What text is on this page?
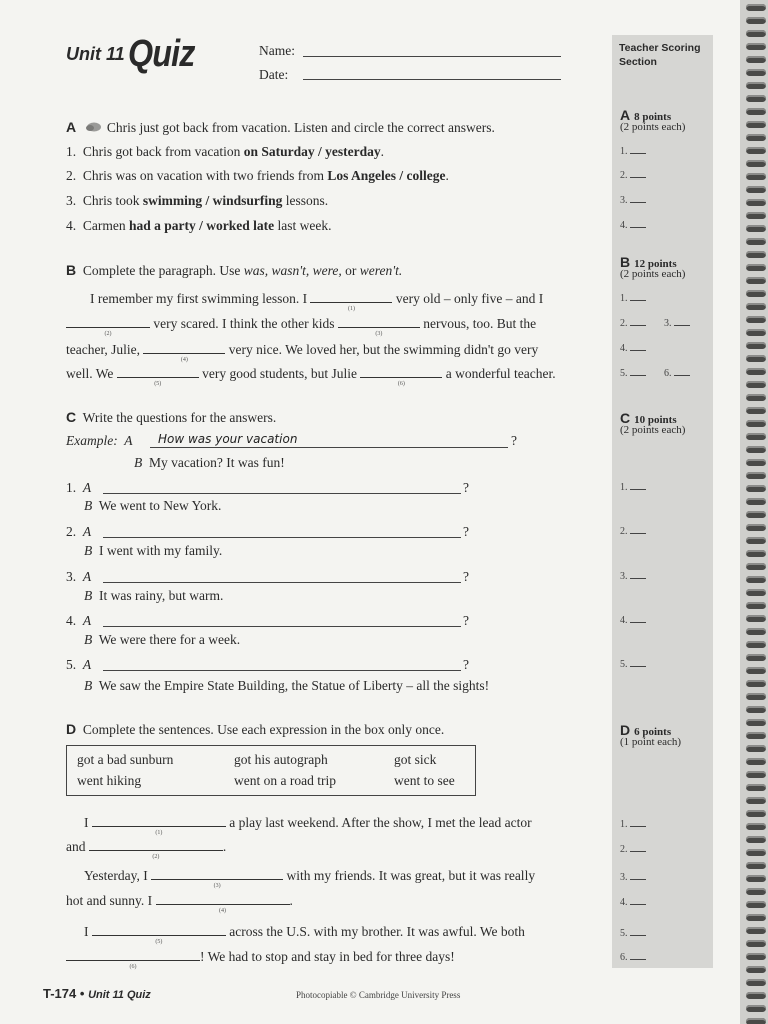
Unit 11 Quiz	Name:
Date:
Teacher Scoring
Section
A Chris just got back from vacation. Listen and circle the correct answers.
1. Chris got back from vacation on Saturday / yesterday.
2. Chris was on vacation with two friends from Los Angeles / college.
3. Chris took swimming / windsurfing lessons.
4. Carmen had a party / worked late last week.
A 8 points
(2 points each)
1.
2.
3.
4.
B Complete the paragraph. Use was, wasn't, were, or weren't.
I remember my first swimming lesson. I
(1)
very old – only five – and I
(2)
very scared. I think the other kids
(3)
nervous, too. But the
teacher, Julie,
(4)
very nice. We loved her, but the swimming didn't go very
well. We
(5)
very good students, but Julie
(6)
a wonderful teacher.
B 12 points
(2 points each)
1.
2.	3.
4.
5.	6.
C Write the questions for the answers.
Example: A How was your vacation	?
B My vacation? It was fun!
1. A	?
B We went to New York.
2. A	?
B I went with my family.
3. A	?
B It was rainy, but warm.
4. A	?
B We were there for a week.
5. A	?
B We saw the Empire State Building, the Statue of Liberty – all the sights!
C 10 points
(2 points each)
1.
2.
3.
4.
5.
D Complete the sentences. Use each expression in the box only once.
got a bad sunburn	got his autograph	got sick
went hiking	went on a road trip	went to see
I
(1)
a play last weekend. After the show, I met the lead actor
and
(2)
.
Yesterday, I
(3)
with my friends. It was great, but it was really
hot and sunny. I
(4)
.
I
(5)
across the U.S. with my brother. It was awful. We both
(6)
! We had to stop and stay in bed for three days!
D 6 points
(1 point each)
1.
2.
3.
4.
5.
6.
T-174 • Unit 11 Quiz	Photocopiable © Cambridge University Press
